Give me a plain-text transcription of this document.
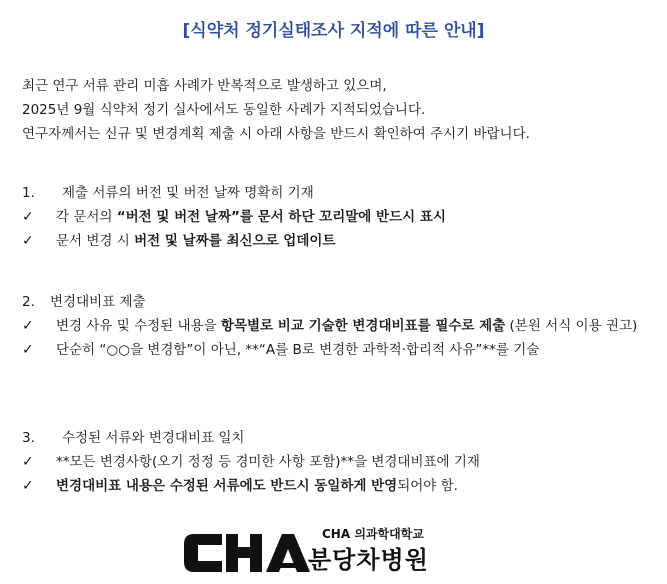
[식약처 정기실태조사 지적에 따른 안내]

최근 연구 서류 관리 미흡 사례가 반복적으로 발생하고 있으며,

2025년 9월 식약처 정기 실사에서도 동일한 사례가 지적되었습니다.

연구자께서는 신규 및 변경계획 제출 시 아래 사항을 반드시 확인하여 주시기 바랍니다.

1.	제출 서류의 버전 및 버전 날짜 명확히 기재
✓	각 문서의 “버전 및 버전 날짜”를 문서 하단 꼬리말에 반드시 표시
✓	문서 변경 시 버전 및 날짜를 최신으로 업데이트
2.	변경대비표 제출
✓	변경 사유 및 수정된 내용을 항목별로 비교 기술한 변경대비표를 필수로 제출 (본원 서식 이용 권고)
✓	단순히 “○○을 변경함”이 아닌, **“A를 B로 변경한 과학적·합리적 사유”**를 기술
3.	수정된 서류와 변경대비표 일치
✓	**모든 변경사항(오기 정정 등 경미한 사항 포함)**을 변경대비표에 기재
✓	변경대비표 내용은 수정된 서류에도 반드시 동일하게 반영되어야 함.
CHA 의과학대학교
분당차병원
